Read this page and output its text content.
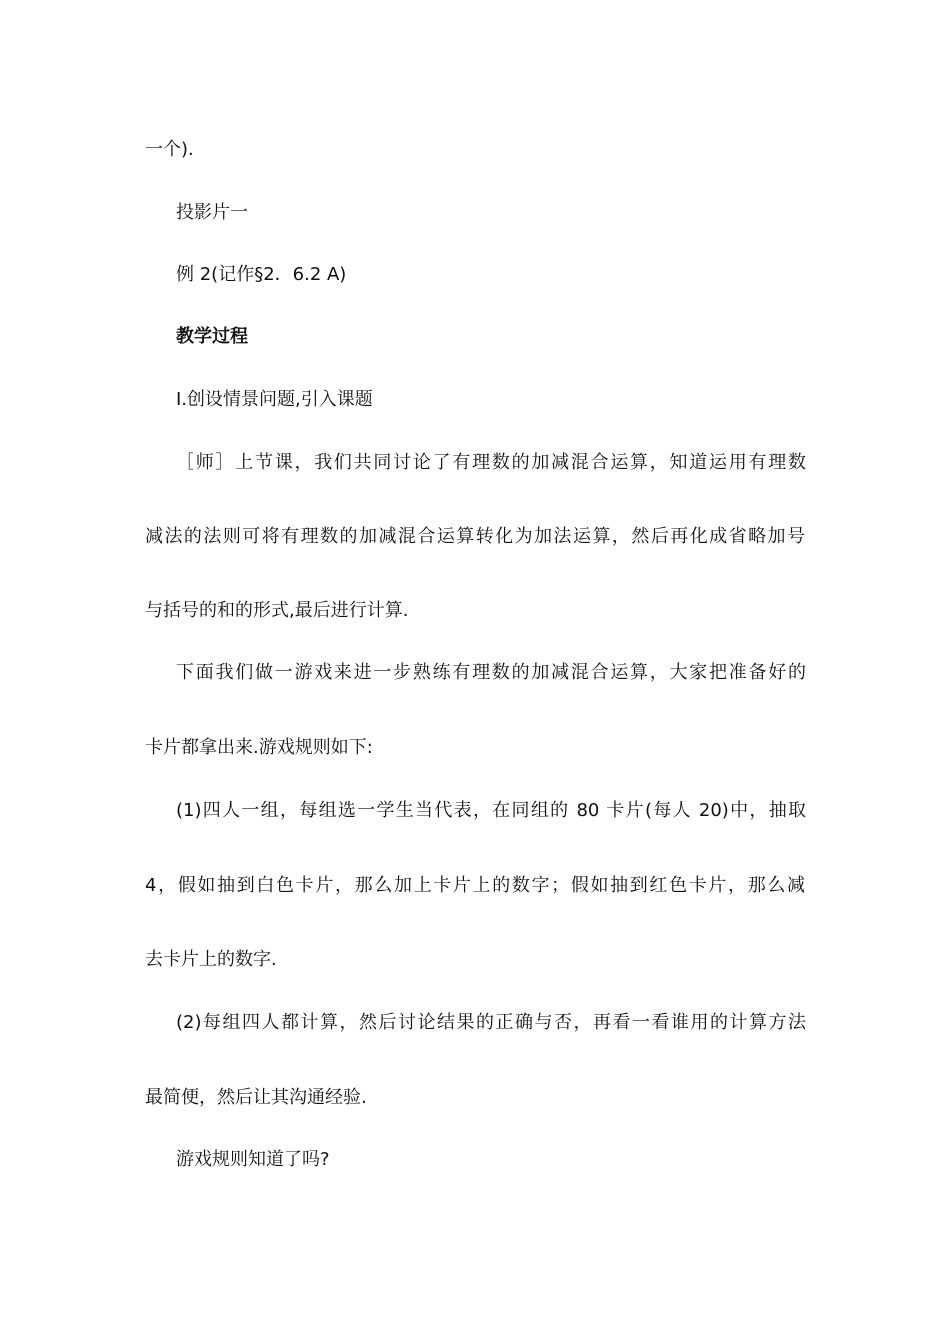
一个).
投影片一
例 2(记作§2．6.2 A)
教学过程
Ⅰ.创设情景问题,引入课题
［师］上节课，我们共同讨论了有理数的加减混合运算，知道运用有理数
减法的法则可将有理数的加减混合运算转化为加法运算，然后再化成省略加号
与括号的和的形式,最后进行计算.
下面我们做一游戏来进一步熟练有理数的加减混合运算，大家把准备好的
卡片都拿出来.游戏规则如下:
(1)四人一组，每组选一学生当代表，在同组的 80 卡片(每人 20)中，抽取
4，假如抽到白色卡片，那么加上卡片上的数字；假如抽到红色卡片，那么减
去卡片上的数字.
(2)每组四人都计算，然后讨论结果的正确与否，再看一看谁用的计算方法
最简便，然后让其沟通经验.
游戏规则知道了吗?
